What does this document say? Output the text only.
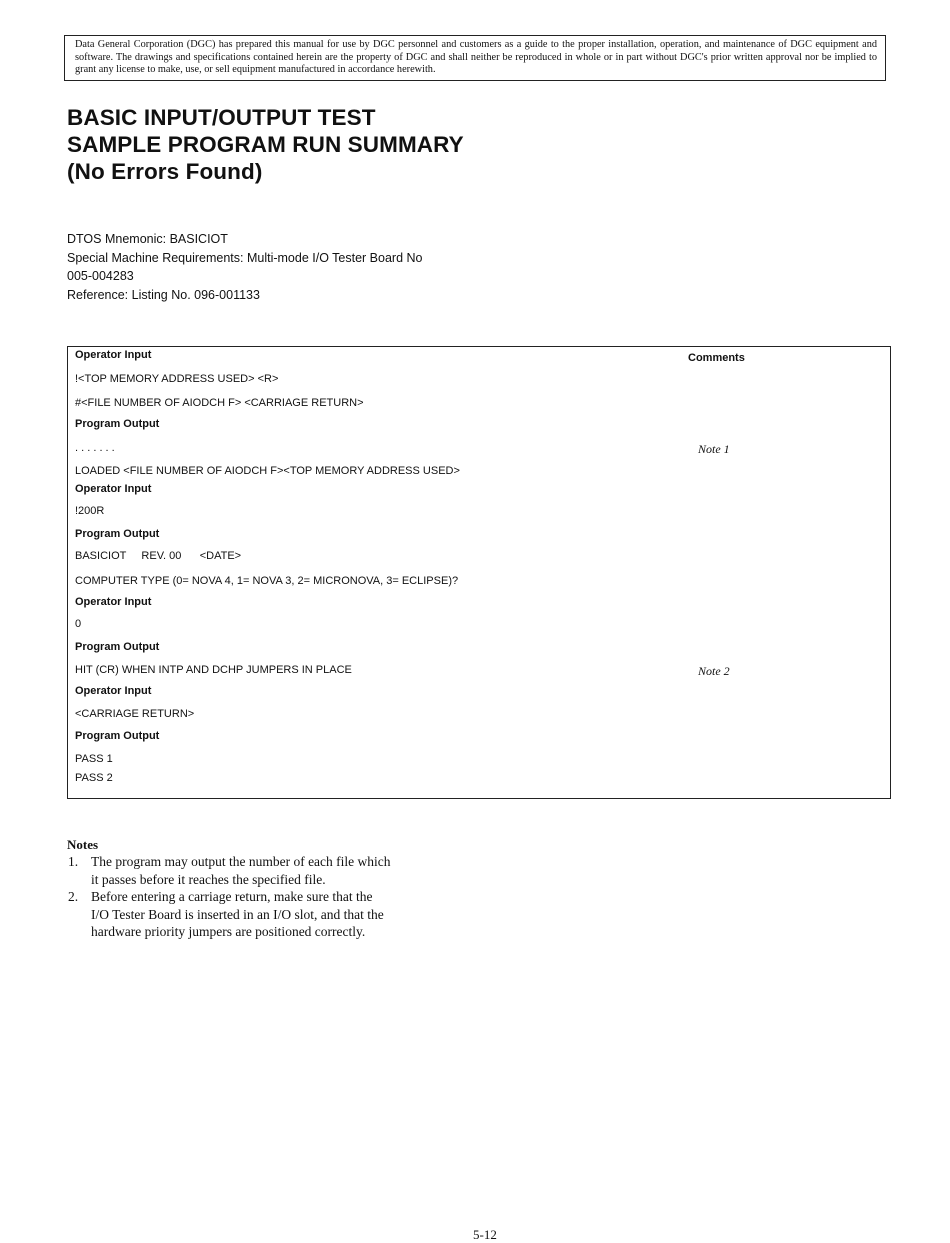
Data General Corporation (DGC) has prepared this manual for use by DGC personnel and customers as a guide to the proper installation, operation, and maintenance of DGC equipment and software. The drawings and specifications contained herein are the property of DGC and shall neither be reproduced in whole or in part without DGC's prior written approval nor be implied to grant any license to make, use, or sell equipment manufactured in accordance herewith.
BASIC INPUT/OUTPUT TEST
SAMPLE PROGRAM RUN SUMMARY
(No Errors Found)
DTOS Mnemonic: BASICIOT
Special Machine Requirements: Multi-mode I/O Tester Board No
005-004283
Reference: Listing No. 096-001133
Comments
Operator Input
!<TOP MEMORY ADDRESS USED> <R>
#<FILE NUMBER OF AIODCH F> <CARRIAGE RETURN>
Program Output
. . . . . . .	Note 1
LOADED <FILE NUMBER OF AIODCH F><TOP MEMORY ADDRESS USED>
Operator Input
!200R
Program Output
BASICIOT     REV. 00      <DATE>
COMPUTER TYPE (0= NOVA 4, 1= NOVA 3, 2= MICRONOVA, 3= ECLIPSE)?
Operator Input
0
Program Output
HIT (CR) WHEN INTP AND DCHP JUMPERS IN PLACE	Note 2
Operator Input
<CARRIAGE RETURN>
Program Output
PASS 1
PASS 2
Notes
1. The program may output the number of each file which
it passes before it reaches the specified file.
2. Before entering a carriage return, make sure that the
I/O Tester Board is inserted in an I/O slot, and that the
hardware priority jumpers are positioned correctly.
5-12
